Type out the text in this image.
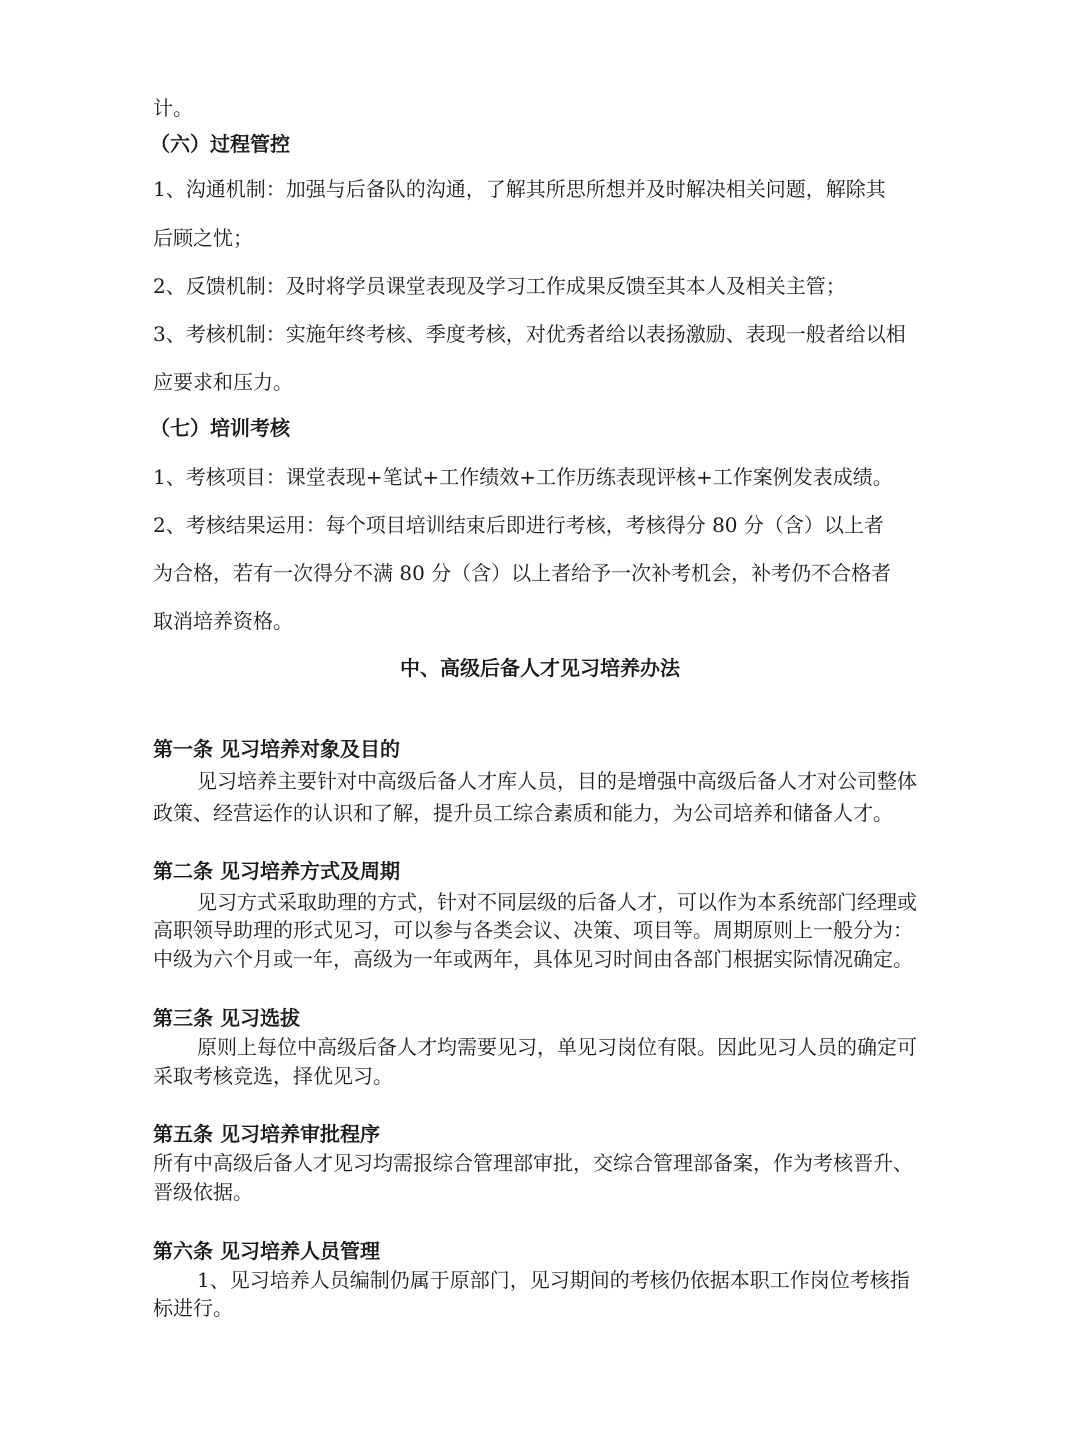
计。
（六）过程管控
1、沟通机制：加强与后备队的沟通，了解其所思所想并及时解决相关问题，解除其
后顾之忧；
2、反馈机制：及时将学员课堂表现及学习工作成果反馈至其本人及相关主管；
3、考核机制：实施年终考核、季度考核，对优秀者给以表扬激励、表现一般者给以相
应要求和压力。
（七）培训考核
1、考核项目：课堂表现+笔试+工作绩效+工作历练表现评核+工作案例发表成绩。
2、考核结果运用：每个项目培训结束后即进行考核，考核得分 80 分（含）以上者
为合格，若有一次得分不满 80 分（含）以上者给予一次补考机会，补考仍不合格者
取消培养资格。
中、高级后备人才见习培养办法
第一条 见习培养对象及目的
见习培养主要针对中高级后备人才库人员，目的是增强中高级后备人才对公司整体
政策、经营运作的认识和了解，提升员工综合素质和能力，为公司培养和储备人才。
第二条 见习培养方式及周期
见习方式采取助理的方式，针对不同层级的后备人才，可以作为本系统部门经理或
高职领导助理的形式见习，可以参与各类会议、决策、项目等。周期原则上一般分为：
中级为六个月或一年，高级为一年或两年，具体见习时间由各部门根据实际情况确定。
第三条 见习选拔
原则上每位中高级后备人才均需要见习，单见习岗位有限。因此见习人员的确定可
采取考核竞选，择优见习。
第五条 见习培养审批程序
所有中高级后备人才见习均需报综合管理部审批，交综合管理部备案，作为考核晋升、
晋级依据。
第六条 见习培养人员管理
1、见习培养人员编制仍属于原部门，见习期间的考核仍依据本职工作岗位考核指
标进行。
